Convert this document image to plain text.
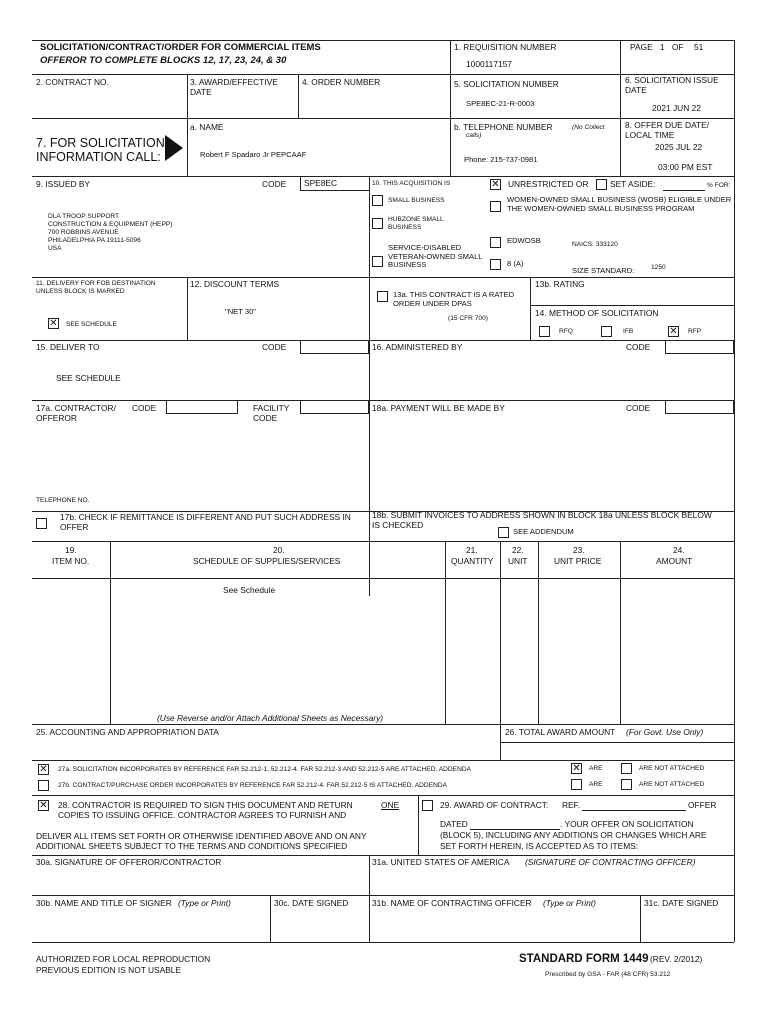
SOLICITATION/CONTRACT/ORDER FOR COMMERCIAL ITEMS
OFFEROR TO COMPLETE BLOCKS 12, 17, 23, 24, & 30
1. REQUISITION NUMBER
1000117157
PAGE 1 OF 51
2. CONTRACT NO.	3. AWARD/EFFECTIVE DATE
4. ORDER NUMBER	5. SOLICITATION NUMBER
SPE8EC-21-R-0003
6. SOLICITATION ISSUE DATE
2021 JUN 22
7. FOR SOLICITATION INFORMATION CALL:
a. NAME
Robert F Spadaro Jr PEPCAAF
b. TELEPHONE NUMBER	(No Collect calls)
Phone: 215-737-0981
8. OFFER DUE DATE/ LOCAL TIME
2025 JUL 22
03:00 PM EST
9. ISSUED BY	CODE SPE8EC
DLA TROOP SUPPORT
CONSTRUCTION & EQUIPMENT (HEPP)
700 ROBBINS AVENUE
PHILADELPHIA PA 19111-5096
USA
10. THIS ACQUISITION IS ✕	UNRESTRICTED OR	SET ASIDE:	% FOR:
SMALL BUSINESS
HUBZONE SMALL BUSINESS
SERVICE-DISABLED VETERAN-OWNED SMALL BUSINESS
WOMEN-OWNED SMALL BUSINESS (WOSB) ELIGIBLE UNDER THE WOMEN-OWNED SMALL BUSINESS PROGRAM
EDWOSB	NAICS: 333120
8 (A)
SIZE STANDARD:	1250
11. DELIVERY FOR FOB DESTINATION UNLESS BLOCK IS MARKED
✕
SEE SCHEDULE
12. DISCOUNT TERMS
"NET 30"
13a. THIS CONTRACT IS A RATED ORDER UNDER DPAS
(15 CFR 700)
13b. RATING
14. METHOD OF SOLICITATION
RFQ	IFB ✕	RFP
15. DELIVER TO	CODE
SEE SCHEDULE
16. ADMINISTERED BY	CODE
17a. CONTRACTOR/ OFFEROR
CODE	FACILITY CODE
18a. PAYMENT WILL BE MADE BY	CODE
TELEPHONE NO.
17b. CHECK IF REMITTANCE IS DIFFERENT AND PUT SUCH ADDRESS IN OFFER
18b. SUBMIT INVOICES TO ADDRESS SHOWN IN BLOCK 18a UNLESS BLOCK BELOW IS CHECKED
SEE ADDENDUM
19.
ITEM NO.
20.
SCHEDULE OF SUPPLIES/SERVICES
21.
QUANTITY
22.
UNIT
23.
UNIT PRICE
24.
AMOUNT
See Schedule
(Use Reverse and/or Attach Additional Sheets as Necessary)
25. ACCOUNTING AND APPROPRIATION DATA	26. TOTAL AWARD AMOUNT (For Govt. Use Only)
✕
27a. SOLICITATION INCORPORATES BY REFERENCE FAR 52.212-1, 52.212-4. FAR 52.212-3 AND 52.212-5 ARE ATTACHED. ADDENDA ✕	ARE	ARE NOT ATTACHED
27b. CONTRACT/PURCHASE ORDER INCORPORATES BY REFERENCE FAR 52.212-4. FAR 52.212-5 IS ATTACHED. ADDENDA	ARE	ARE NOT ATTACHED
✕
28. CONTRACTOR IS REQUIRED TO SIGN THIS DOCUMENT AND RETURN	ONE
COPIES TO ISSUING OFFICE. CONTRACTOR AGREES TO FURNISH AND
DELIVER ALL ITEMS SET FORTH OR OTHERWISE IDENTIFIED ABOVE AND ON ANY
ADDITIONAL SHEETS SUBJECT TO THE TERMS AND CONDITIONS SPECIFIED
29. AWARD OF CONTRACT: REF.	OFFER
DATED	. YOUR OFFER ON SOLICITATION
(BLOCK 5), INCLUDING ANY ADDITIONS OR CHANGES WHICH ARE
SET FORTH HEREIN, IS ACCEPTED AS TO ITEMS:
30a. SIGNATURE OF OFFEROR/CONTRACTOR	31a. UNITED STATES OF AMERICA (SIGNATURE OF CONTRACTING OFFICER)
30b. NAME AND TITLE OF SIGNER (Type or Print)	30c. DATE SIGNED	31b. NAME OF CONTRACTING OFFICER (Type or Print)	31c. DATE SIGNED
AUTHORIZED FOR LOCAL REPRODUCTION
PREVIOUS EDITION IS NOT USABLE
STANDARD FORM 1449 (REV. 2/2012)
Prescribed by GSA - FAR (48 CFR) 53.212
